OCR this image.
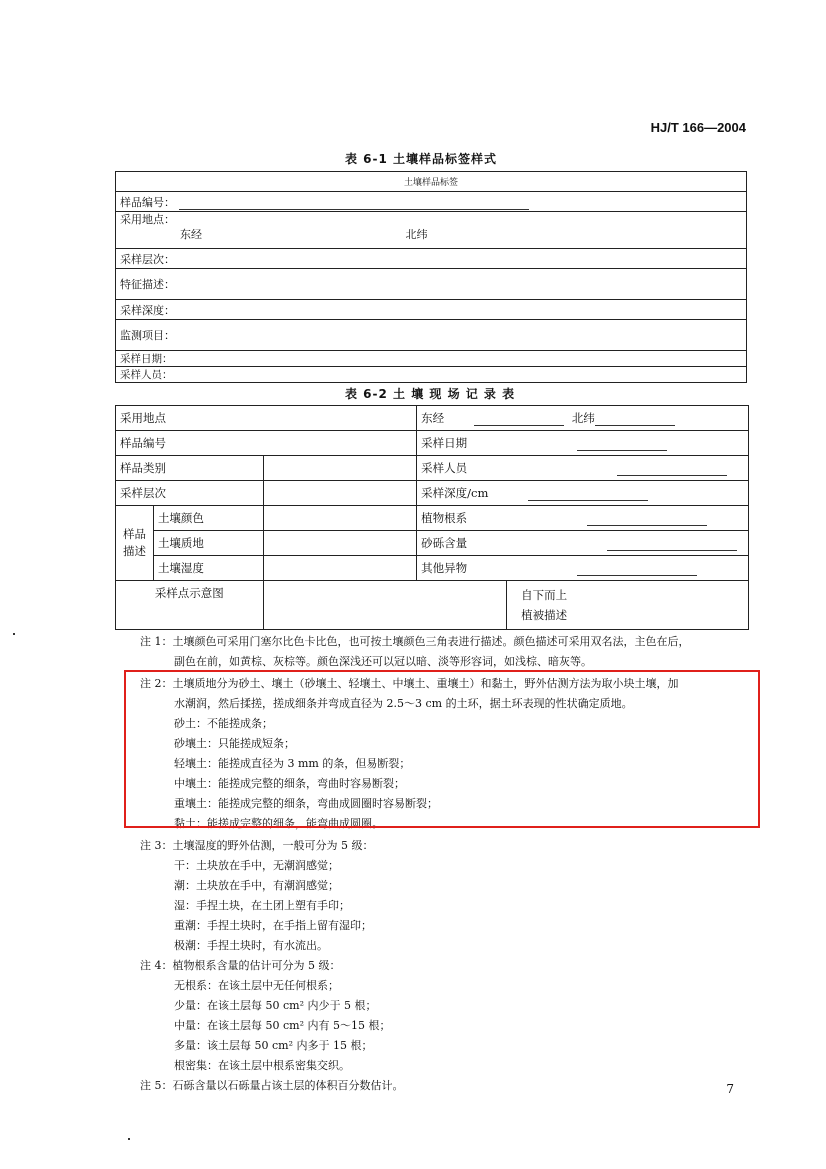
HJ/T 166—2004
表 6-1 土壤样品标签样式
土壤样品标签
样品编号：
采用地点：
东经	北纬
采样层次：
特征描述：
采样深度：
监测项目：
采样日期：
采样人员：
表 6-2 土 壤 现 场 记 录 表
采用地点			东经 北纬	
样品编号			采样日期	
样品类别			采样人员	
采样层次			采样深度/cm	
样品
描述	土壤颜色		植物根系	
	土壤质地		砂砾含量	
	土壤湿度		其他异物	
采样点示意图				自下而上
植被描述

注 1：土壤颜色可采用门塞尔比色卡比色，也可按土壤颜色三角表进行描述。颜色描述可采用双名法，主色在后，

副色在前，如黄棕、灰棕等。颜色深浅还可以冠以暗、淡等形容词，如浅棕、暗灰等。

注 2：土壤质地分为砂土、壤土（砂壤土、轻壤土、中壤土、重壤土）和黏土，野外估测方法为取小块土壤，加

水潮润，然后揉搓，搓成细条并弯成直径为 2.5～3 cm 的土环，据土环表现的性状确定质地。

砂土：不能搓成条；

砂壤土：只能搓成短条；

轻壤土：能搓成直径为 3 mm 的条，但易断裂；

中壤土：能搓成完整的细条，弯曲时容易断裂；

重壤土：能搓成完整的细条，弯曲成圆圈时容易断裂；

黏土：能搓成完整的细条，能弯曲成圆圈。

注 3：土壤湿度的野外估测，一般可分为 5 级：

干：土块放在手中，无潮润感觉；

潮：土块放在手中，有潮润感觉；

湿：手捏土块，在土团上塑有手印；

重潮：手捏土块时，在手指上留有湿印；

极潮：手捏土块时，有水流出。

注 4：植物根系含量的估计可分为 5 级：

无根系：在该土层中无任何根系；

少量：在该土层每 50 cm² 内少于 5 根；

中量：在该土层每 50 cm² 内有 5～15 根；

多量：该土层每 50 cm² 内多于 15 根；

根密集：在该土层中根系密集交织。

注 5：石砾含量以石砾量占该土层的体积百分数估计。	7
